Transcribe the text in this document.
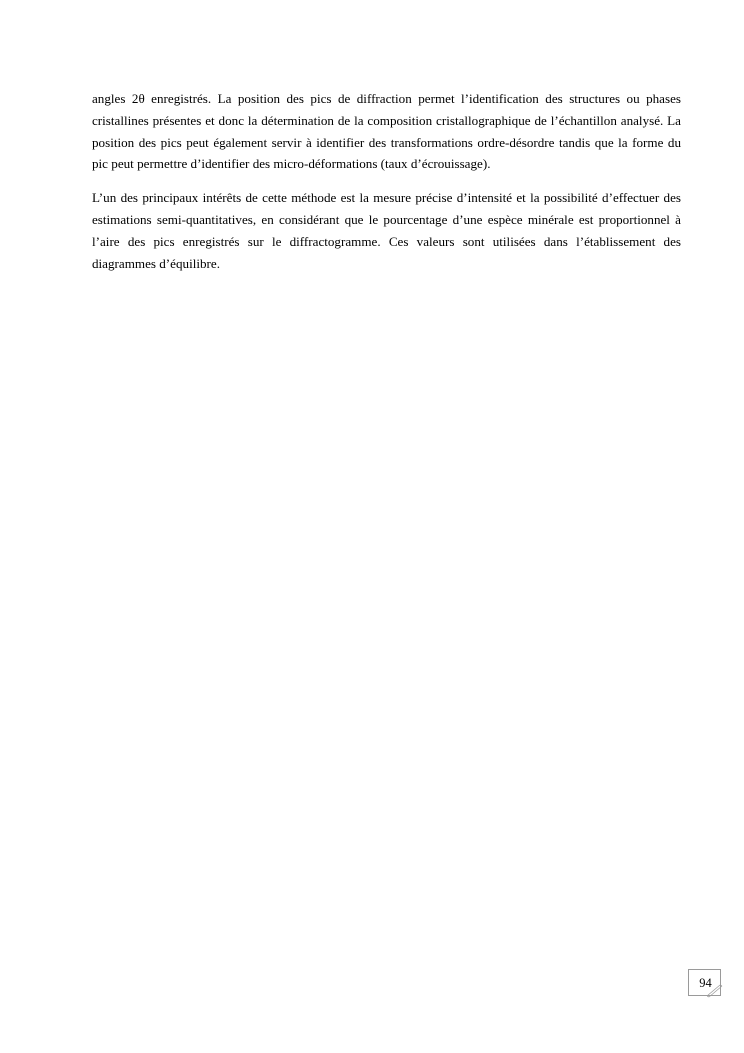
angles 2θ enregistrés. La position des pics de diffraction permet l’identification des structures ou phases cristallines présentes et donc la détermination de la composition cristallographique de l’échantillon analysé. La position des pics peut également servir à identifier des transformations ordre-désordre tandis que la forme du pic peut permettre d’identifier des micro-déformations (taux d’écrouissage).

L’un des principaux intérêts de cette méthode est la mesure précise d’intensité et la possibilité d’effectuer des estimations semi-quantitatives, en considérant que le pourcentage d’une espèce minérale est proportionnel à l’aire des pics enregistrés sur le diffractogramme. Ces valeurs sont utilisées dans l’établissement des diagrammes d’équilibre.

94
